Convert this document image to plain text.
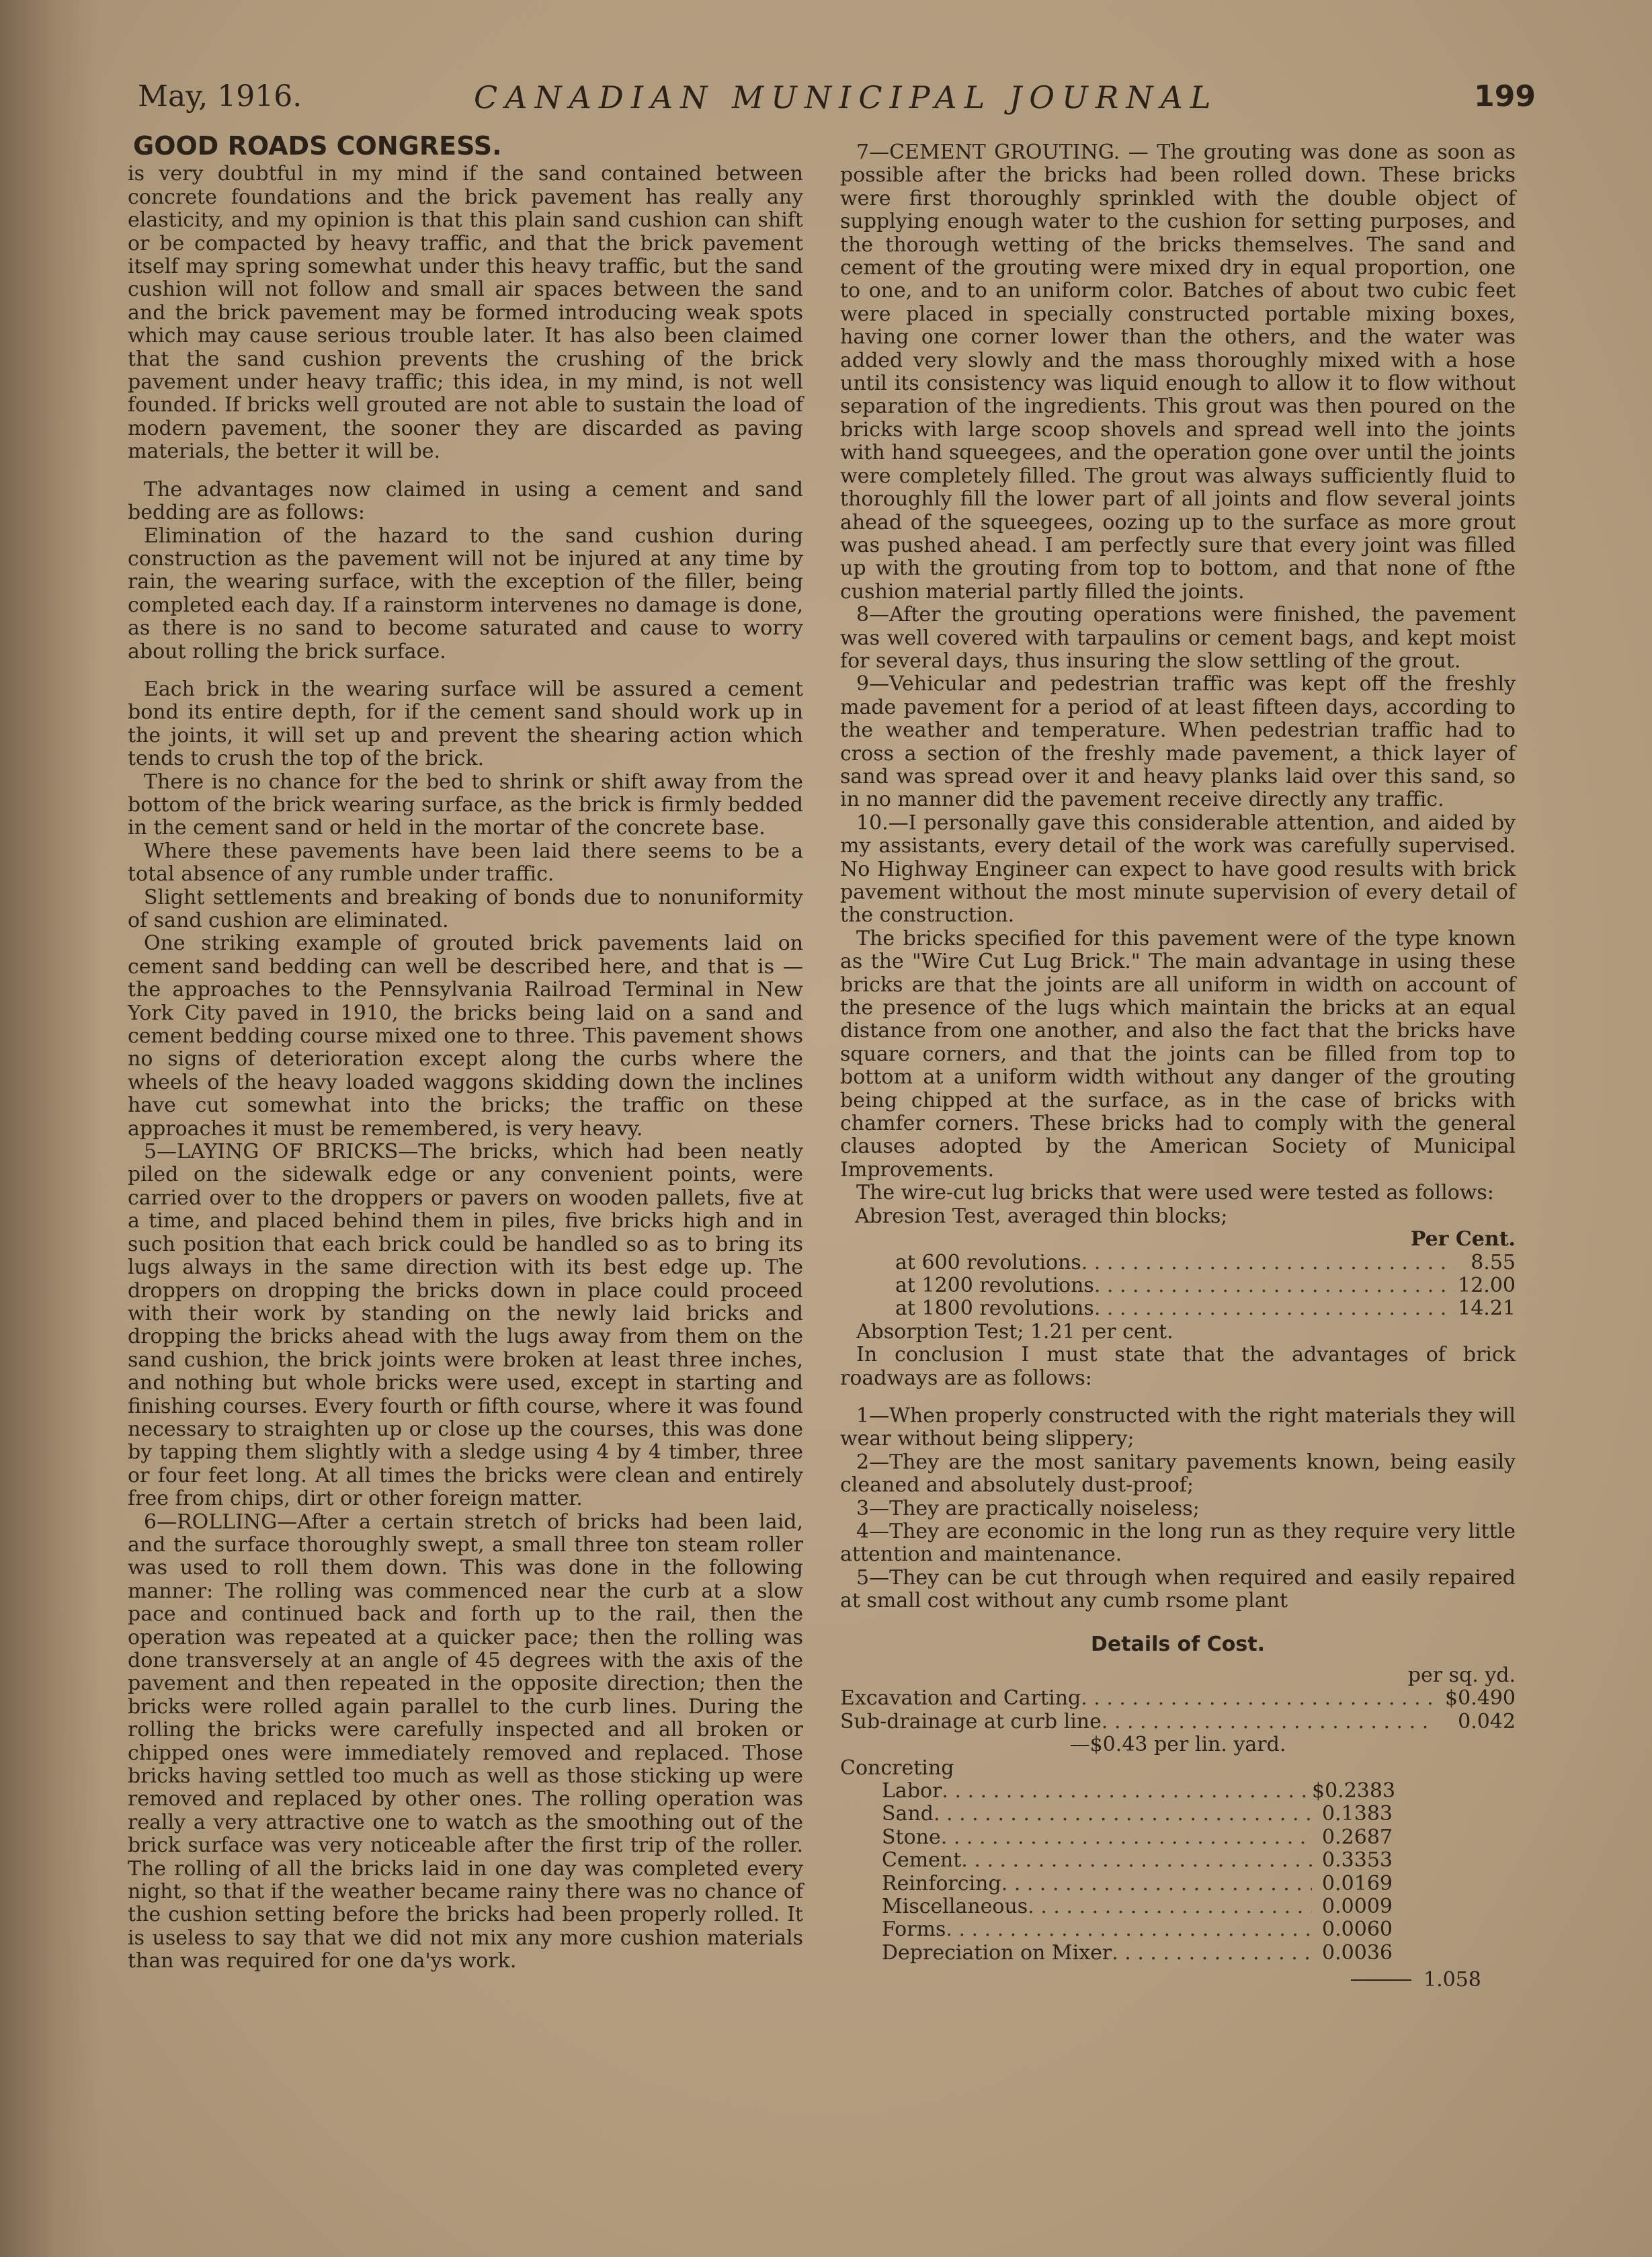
May, 1916.	CANADIAN MUNICIPAL JOURNAL	199

GOOD ROADS CONGRESS.

is very doubtful in my mind if the sand contained between concrete foundations and the brick pavement has really any elasticity, and my opinion is that this plain sand cushion can shift or be compacted by heavy traffic, and that the brick pavement itself may spring somewhat under this heavy traffic, but the sand cushion will not follow and small air spaces between the sand and the brick pavement may be formed introducing weak spots which may cause serious trouble later. It has also been claimed that the sand cushion prevents the crushing of the brick pavement under heavy traffic; this idea, in my mind, is not well founded. If bricks well grouted are not able to sustain the load of modern pavement, the sooner they are discarded as paving materials, the better it will be.

The advantages now claimed in using a cement and sand bedding are as follows:

Elimination of the hazard to the sand cushion during construction as the pavement will not be injured at any time by rain, the wearing surface, with the exception of the filler, being completed each day. If a rainstorm intervenes no damage is done, as there is no sand to become saturated and cause to worry about rolling the brick surface.

Each brick in the wearing surface will be assured a cement bond its entire depth, for if the cement sand should work up in the joints, it will set up and prevent the shearing action which tends to crush the top of the brick.

There is no chance for the bed to shrink or shift away from the bottom of the brick wearing surface, as the brick is firmly bedded in the cement sand or held in the mortar of the concrete base.

Where these pavements have been laid there seems to be a total absence of any rumble under traffic.

Slight settlements and breaking of bonds due to nonuniformity of sand cushion are eliminated.

One striking example of grouted brick pavements laid on cement sand bedding can well be described here, and that is — the approaches to the Pennsylvania Railroad Terminal in New York City paved in 1910, the bricks being laid on a sand and cement bedding course mixed one to three. This pavement shows no signs of deterioration except along the curbs where the wheels of the heavy loaded waggons skidding down the inclines have cut somewhat into the bricks; the traffic on these approaches it must be remembered, is very heavy.

5—LAYING OF BRICKS—The bricks, which had been neatly piled on the sidewalk edge or any convenient points, were carried over to the droppers or pavers on wooden pallets, five at a time, and placed behind them in piles, five bricks high and in such position that each brick could be handled so as to bring its lugs always in the same direction with its best edge up. The droppers on dropping the bricks down in place could proceed with their work by standing on the newly laid bricks and dropping the bricks ahead with the lugs away from them on the sand cushion, the brick joints were broken at least three inches, and nothing but whole bricks were used, except in starting and finishing courses. Every fourth or fifth course, where it was found necessary to straighten up or close up the courses, this was done by tapping them slightly with a sledge using 4 by 4 timber, three or four feet long. At all times the bricks were clean and entirely free from chips, dirt or other foreign matter.

6—ROLLING—After a certain stretch of bricks had been laid, and the surface thoroughly swept, a small three ton steam roller was used to roll them down. This was done in the following manner: The rolling was commenced near the curb at a slow pace and continued back and forth up to the rail, then the operation was repeated at a quicker pace; then the rolling was done transversely at an angle of 45 degrees with the axis of the pavement and then repeated in the opposite direction; then the bricks were rolled again parallel to the curb lines. During the rolling the bricks were carefully inspected and all broken or chipped ones were immediately removed and replaced. Those bricks having settled too much as well as those sticking up were removed and replaced by other ones. The rolling operation was really a very attractive one to watch as the smoothing out of the brick surface was very noticeable after the first trip of the roller. The rolling of all the bricks laid in one day was completed every night, so that if the weather became rainy there was no chance of the cushion setting before the bricks had been properly rolled. It is useless to say that we did not mix any more cushion materials than was required for one da'ys work.

7—CEMENT GROUTING. — The grouting was done as soon as possible after the bricks had been rolled down. These bricks were first thoroughly sprinkled with the double object of supplying enough water to the cushion for setting purposes, and the thorough wetting of the bricks themselves. The sand and cement of the grouting were mixed dry in equal proportion, one to one, and to an uniform color. Batches of about two cubic feet were placed in specially constructed portable mixing boxes, having one corner lower than the others, and the water was added very slowly and the mass thoroughly mixed with a hose until its consistency was liquid enough to allow it to flow without separation of the ingredients. This grout was then poured on the bricks with large scoop shovels and spread well into the joints with hand squeegees, and the operation gone over until the joints were completely filled. The grout was always sufficiently fluid to thoroughly fill the lower part of all joints and flow several joints ahead of the squeegees, oozing up to the surface as more grout was pushed ahead. I am perfectly sure that every joint was filled up with the grouting from top to bottom, and that none of fthe cushion material partly filled the joints.

8—After the grouting operations were finished, the pavement was well covered with tarpaulins or cement bags, and kept moist for several days, thus insuring the slow settling of the grout.

9—Vehicular and pedestrian traffic was kept off the freshly made pavement for a period of at least fifteen days, according to the weather and temperature. When pedestrian traffic had to cross a section of the freshly made pavement, a thick layer of sand was spread over it and heavy planks laid over this sand, so in no manner did the pavement receive directly any traffic.

10.—I personally gave this considerable attention, and aided by my assistants, every detail of the work was carefully supervised. No Highway Engineer can expect to have good results with brick pavement without the most minute supervision of every detail of the construction.

The bricks specified for this pavement were of the type known as the "Wire Cut Lug Brick." The main advantage in using these bricks are that the joints are all uniform in width on account of the presence of the lugs which maintain the bricks at an equal distance from one another, and also the fact that the bricks have square corners, and that the joints can be filled from top to bottom at a uniform width without any danger of the grouting being chipped at the surface, as in the case of bricks with chamfer corners. These bricks had to comply with the general clauses adopted by the American Society of Municipal Improvements.

The wire-cut lug bricks that were used were tested as follows:

Abresion Test, averaged thin blocks;

Per Cent.

at 600 revolutions . . .	8.55
at 1200 revolutions . . .	12.00
at 1800 revolutions . . .	14.21

Absorption Test; 1.21 per cent.

In conclusion I must state that the advantages of brick roadways are as follows:

1—When properly constructed with the right materials they will wear without being slippery;

2—They are the most sanitary pavements known, being easily cleaned and absolutely dust-proof;

3—They are practically noiseless;

4—They are economic in the long run as they require very little attention and maintenance.

5—They can be cut through when required and easily repaired at small cost without any cumb rsome plant

Details of Cost.

per sq. yd.

Excavation and Carting . . .	$0.490
Sub-drainage at curb line . . .	0.042

—$0.43 per lin. yard.

Concreting

Labor . . .	$0.2383
Sand . . .	0.1383
Stone . . .	0.2687
Cement . . .	0.3353
Reinforcing . . .	0.0169
Miscellaneous . . .	0.0009
Forms . . .	0.0060
Depreciation on Mixer . . .	0.0036
1.058
